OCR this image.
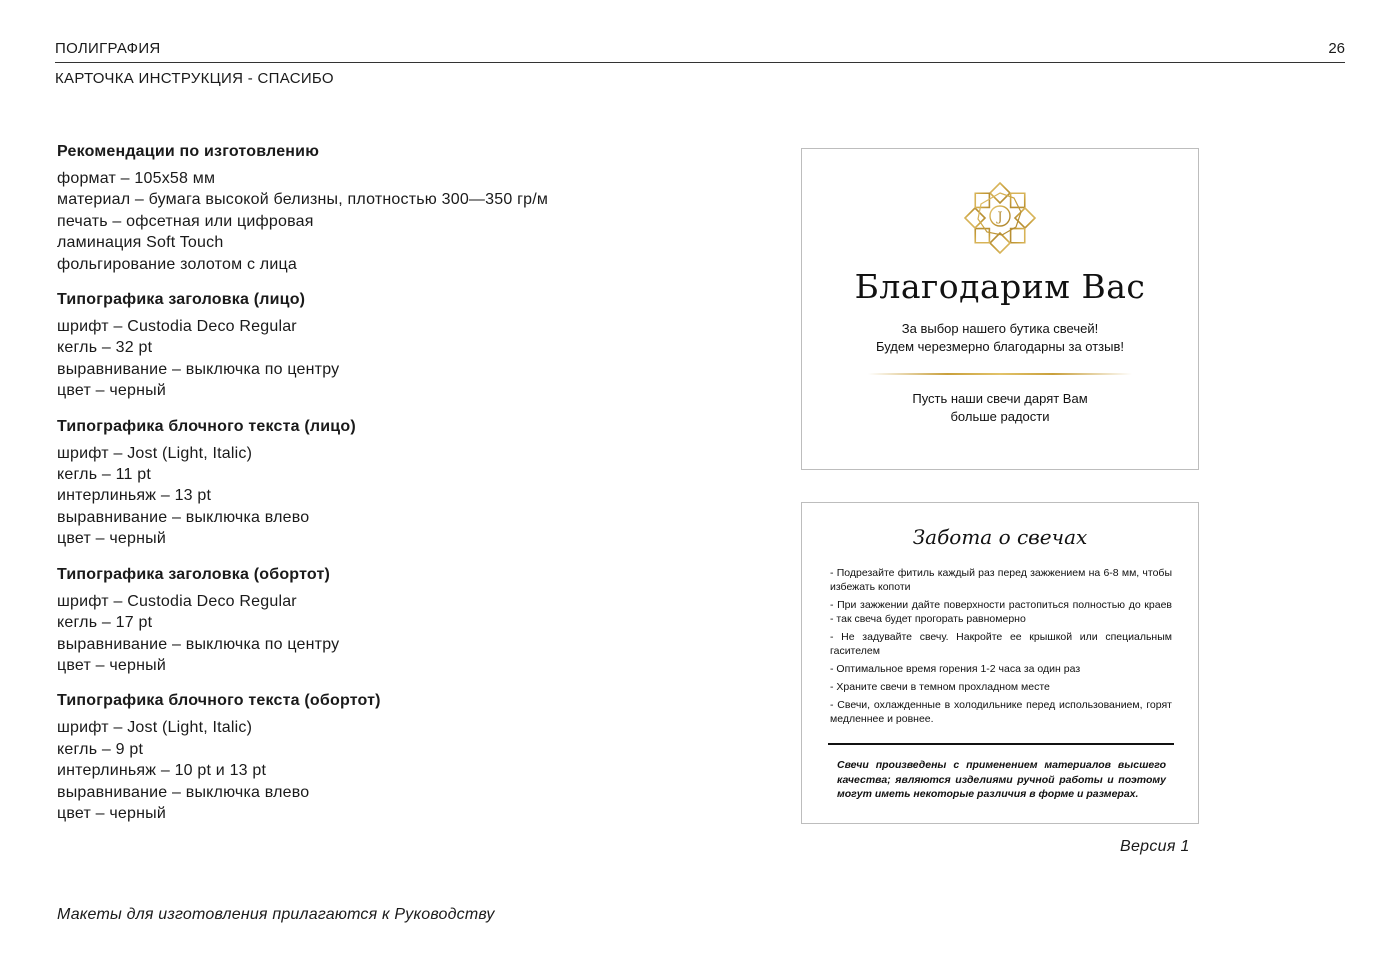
ПОЛИГРАФИЯ	26
КАРТОЧКА ИНСТРУКЦИЯ - СПАСИБО
Рекомендации по изготовлению
формат – 105x58 мм
материал – бумага высокой белизны, плотностью 300—350 гр/м
печать – офсетная или цифровая
ламинация Soft Touch
фольгирование золотом с лица
Типографика заголовка (лицо)
шрифт – Custodia Deco Regular
кегль – 32 pt
выравнивание – выключка по центру
цвет – черный
Типографика блочного текста (лицо)
шрифт – Jost (Light, Italic)
кегль – 11 pt
интерлиньяж – 13 pt
выравнивание – выключка влево
цвет – черный
Типографика заголовка (обортот)
шрифт – Custodia Deco Regular
кегль – 17 pt
выравнивание – выключка по центру
цвет – черный
Типографика блочного текста (обортот)
шрифт – Jost (Light, Italic)
кегль – 9 pt
интерлиньяж – 10 pt и 13 pt
выравнивание – выключка влево
цвет – черный
Макеты для изготовления прилагаются к Руководству
J
Благодарим Вас
За выбор нашего бутика свечей!
Будем черезмерно благодарны за отзыв!
Пусть наши свечи дарят Вам
больше радости
Забота о свечах
- Подрезайте фитиль каждый раз перед зажжением на 6-8 мм, чтобы избежать копоти
- При зажжении дайте поверхности растопиться полностью до краев - так свеча будет прогорать равномерно
- Не задувайте свечу. Накройте ее крышкой или специальным гасителем
- Оптимальное время горения 1-2 часа за один раз
- Храните свечи в темном прохладном месте
- Свечи, охлажденные в холодильнике перед использованием, горят медленнее и ровнее.
Свечи произведены с применением материалов высшего качества; являются изделиями ручной работы и поэтому могут иметь некоторые различия в форме и размерах.
Версия 1
